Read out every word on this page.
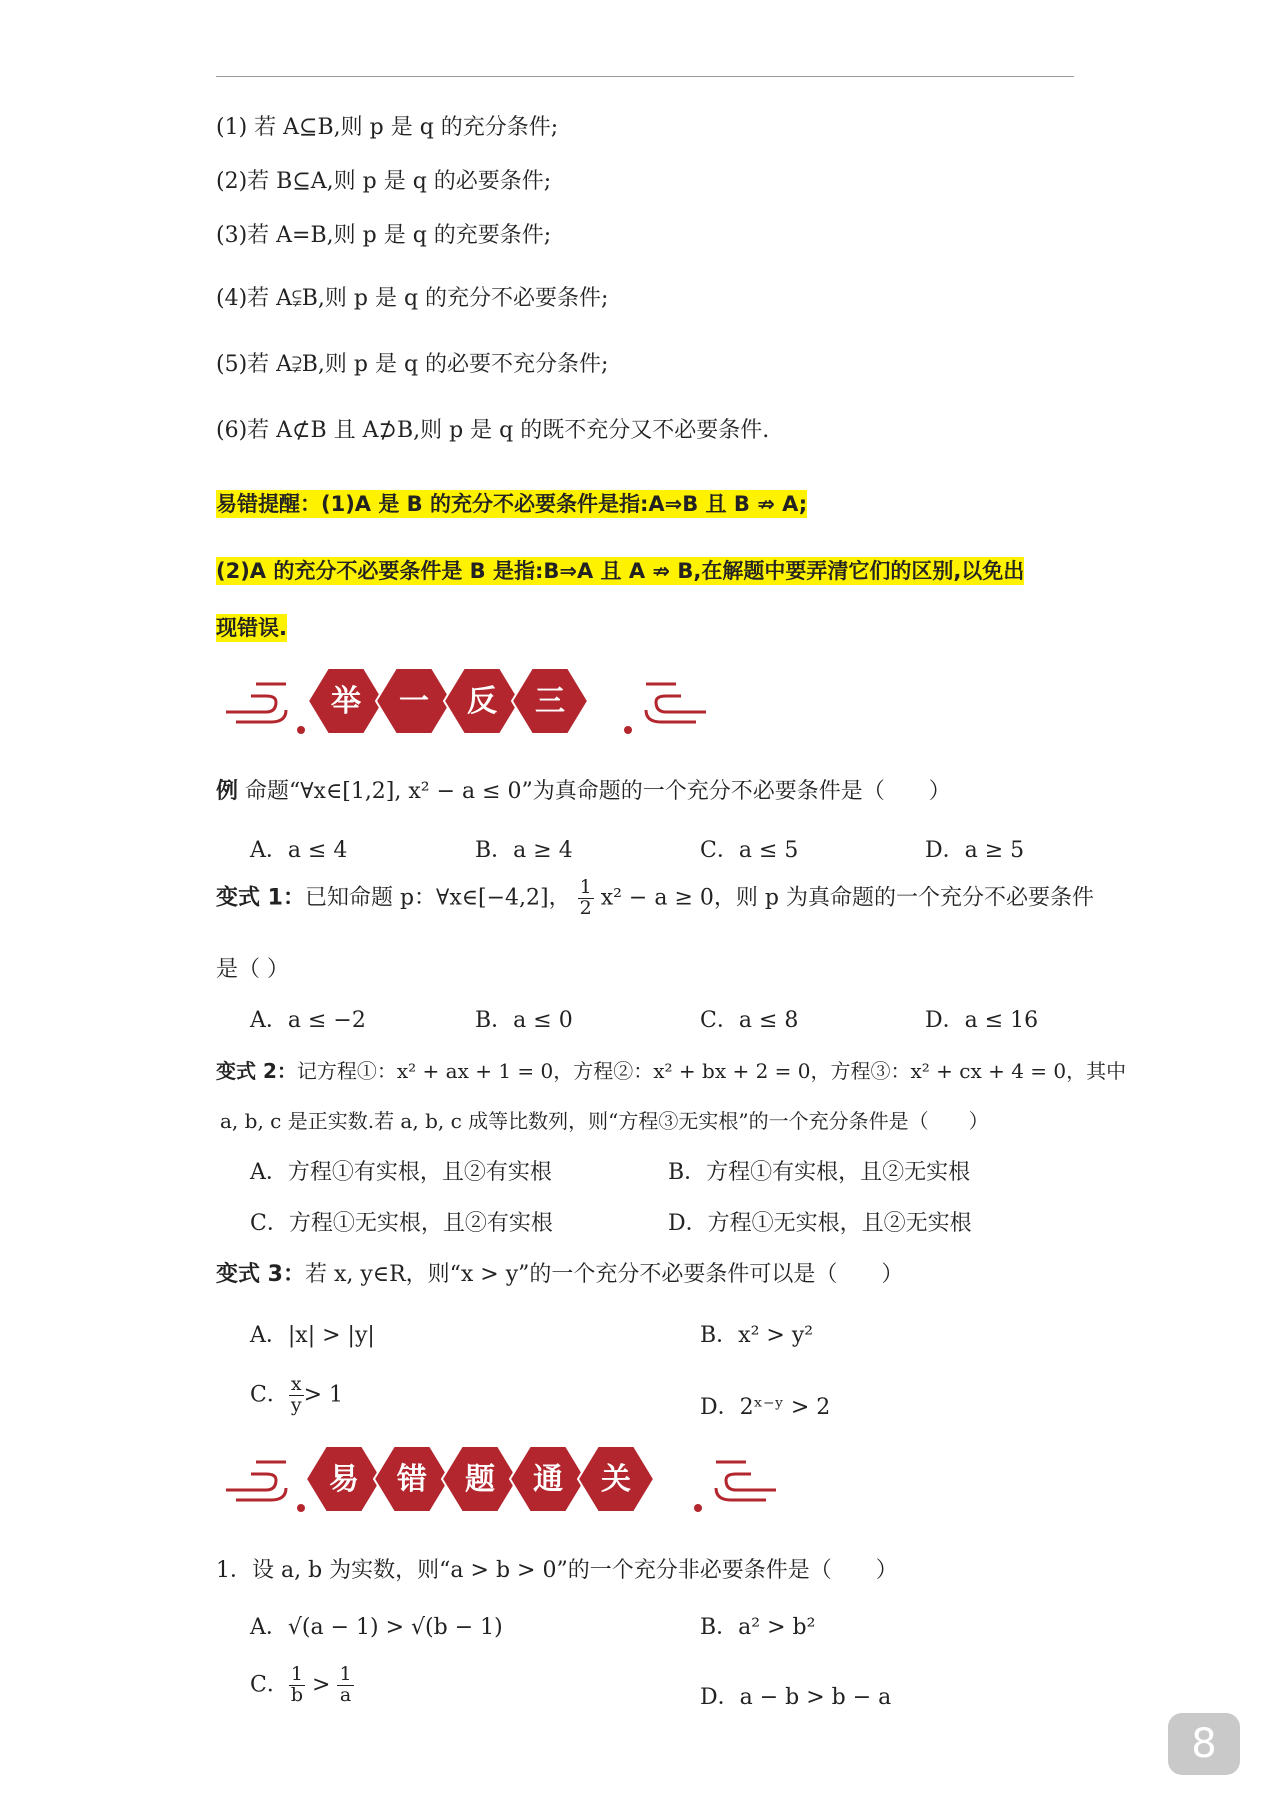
(1) 若 A⊆B,则 p 是 q 的充分条件;
(2)若 B⊆A,则 p 是 q 的必要条件;
(3)若 A=B,则 p 是 q 的充要条件;
(4)若 A⫋B,则 p 是 q 的充分不必要条件;
(5)若 A⫌B,则 p 是 q 的必要不充分条件;
(6)若 A⊄B 且 A⊅B,则 p 是 q 的既不充分又不必要条件.
易错提醒：(1)A 是 B 的充分不必要条件是指:A⇒B 且 B ⇏ A;
(2)A 的充分不必要条件是 B 是指:B⇒A 且 A ⇏ B,在解题中要弄清它们的区别,以免出
现错误.
举 一 反 三
例 命题“∀x∈[1,2], x² − a ≤ 0”为真命题的一个充分不必要条件是（　　）
A．a ≤ 4	B．a ≥ 4	C．a ≤ 5	D．a ≥ 5
变式 1：已知命题 p：∀x∈[−4,2]， $\frac{1}{2} x^2 - a \ge 0$，则 p 为真命题的一个充分不必要条件
是（ ）
A．a ≤ −2	B．a ≤ 0	C．a ≤ 8	D．a ≤ 16
变式 2：记方程①：x² + ax + 1 = 0，方程②：x² + bx + 2 = 0，方程③：x² + cx + 4 = 0，其中
a, b, c 是正实数.若 a, b, c 成等比数列，则“方程③无实根”的一个充分条件是（　　）
A．方程①有实根，且②有实根	B．方程①有实根，且②无实根
C．方程①无实根，且②有实根	D．方程①无实根，且②无实根
变式 3：若 x, y∈R，则“x > y”的一个充分不必要条件可以是（　　）
A．|x| > |y|	B．x² > y²
C． $\frac{x}{y} > 1$
D．2ˣ⁻ʸ > 2
易 错 题 通 关
1．设 a, b 为实数，则“a > b > 0”的一个充分非必要条件是（　　）
A．√(a − 1) > √(b − 1)	B．a² > b²
C． $\frac{1}{b} > \frac{1}{a}$	D．a − b > b − a
8
